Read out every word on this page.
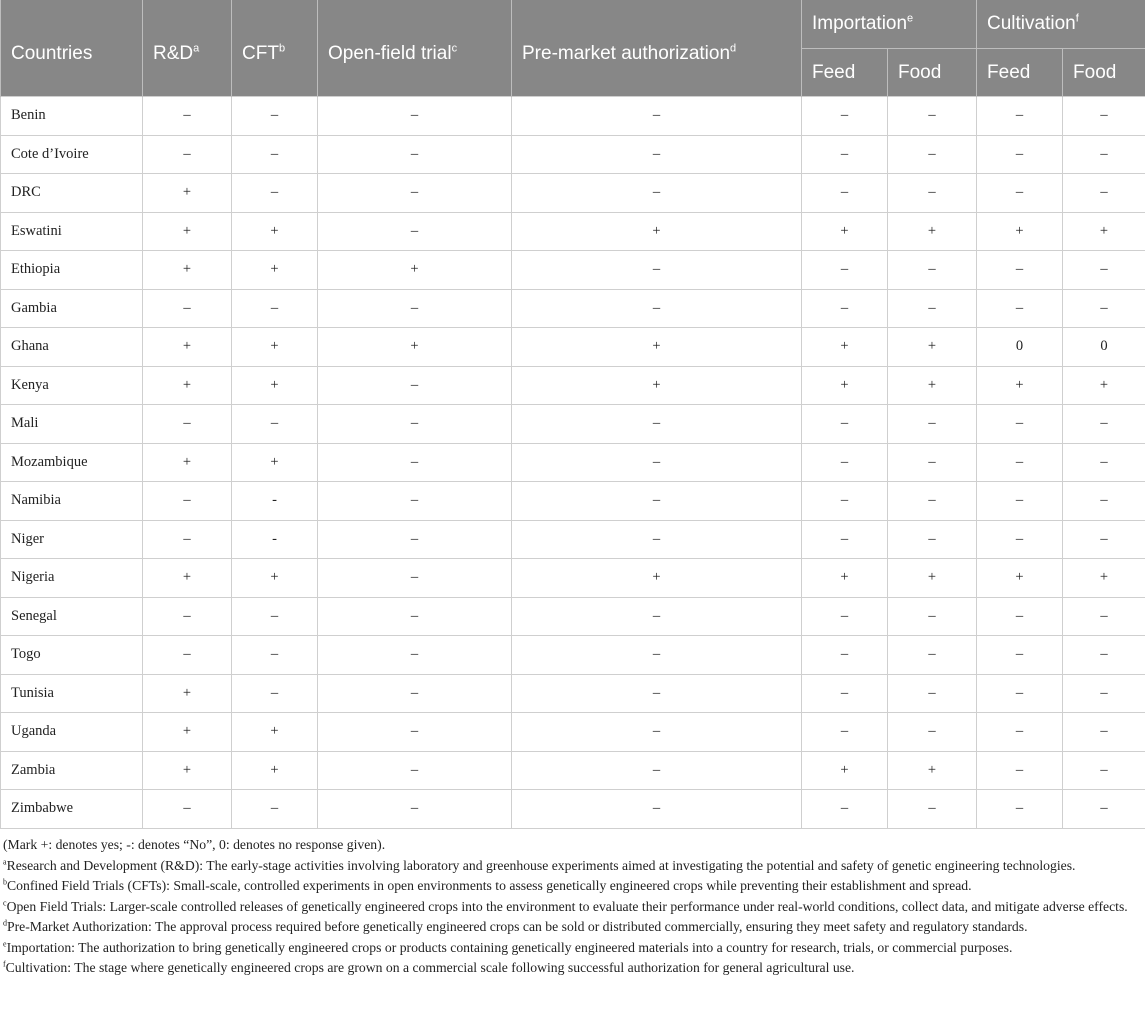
Countries	$R\&D^a$	CFT$^b$	Open-field trial$^c$	Pre-market authorization$^d$	Importation$^e$		Cultivation$^f$
					Feed	Food	Feed	Food
Benin	–	–	–	–	–	–	–	–
Cote d’Ivoire	–	–	–	–	–	–	–	–
DRC	+	–	–	–	–	–	–	–
Eswatini	+	+	–	+	+	+	+	+
Ethiopia	+	+	+	–	–	–	–	–
Gambia	–	–	–	–	–	–	–	–
Ghana	+	+	+	+	+	+	0	0
Kenya	+	+	–	+	+	+	+	+
Mali	–	–	–	–	–	–	–	–
Mozambique	+	+	–	–	–	–	–	–
Namibia	–	-	–	–	–	–	–	–
Niger	–	-	–	–	–	–	–	–
Nigeria	+	+	–	+	+	+	+	+
Senegal	–	–	–	–	–	–	–	–
Togo	–	–	–	–	–	–	–	–
Tunisia	+	–	–	–	–	–	–	–
Uganda	+	+	–	–	–	–	–	–
Zambia	+	+	–	–	+	+	–	–
Zimbabwe	–	–	–	–	–	–	–	–

(Mark +: denotes yes; -: denotes “No”, 0: denotes no response given).

$^a$Research and Development (R&D): The early-stage activities involving laboratory and greenhouse experiments aimed at investigating the potential and safety of genetic engineering technologies.

$^b$Confined Field Trials (CFTs): Small-scale, controlled experiments in open environments to assess genetically engineered crops while preventing their establishment and spread.

$^c$Open Field Trials: Larger-scale controlled releases of genetically engineered crops into the environment to evaluate their performance under real-world conditions, collect data, and mitigate adverse effects.

$^d$Pre-Market Authorization: The approval process required before genetically engineered crops can be sold or distributed commercially, ensuring they meet safety and regulatory standards.

$^e$Importation: The authorization to bring genetically engineered crops or products containing genetically engineered materials into a country for research, trials, or commercial purposes.

$^f$Cultivation: The stage where genetically engineered crops are grown on a commercial scale following successful authorization for general agricultural use.
